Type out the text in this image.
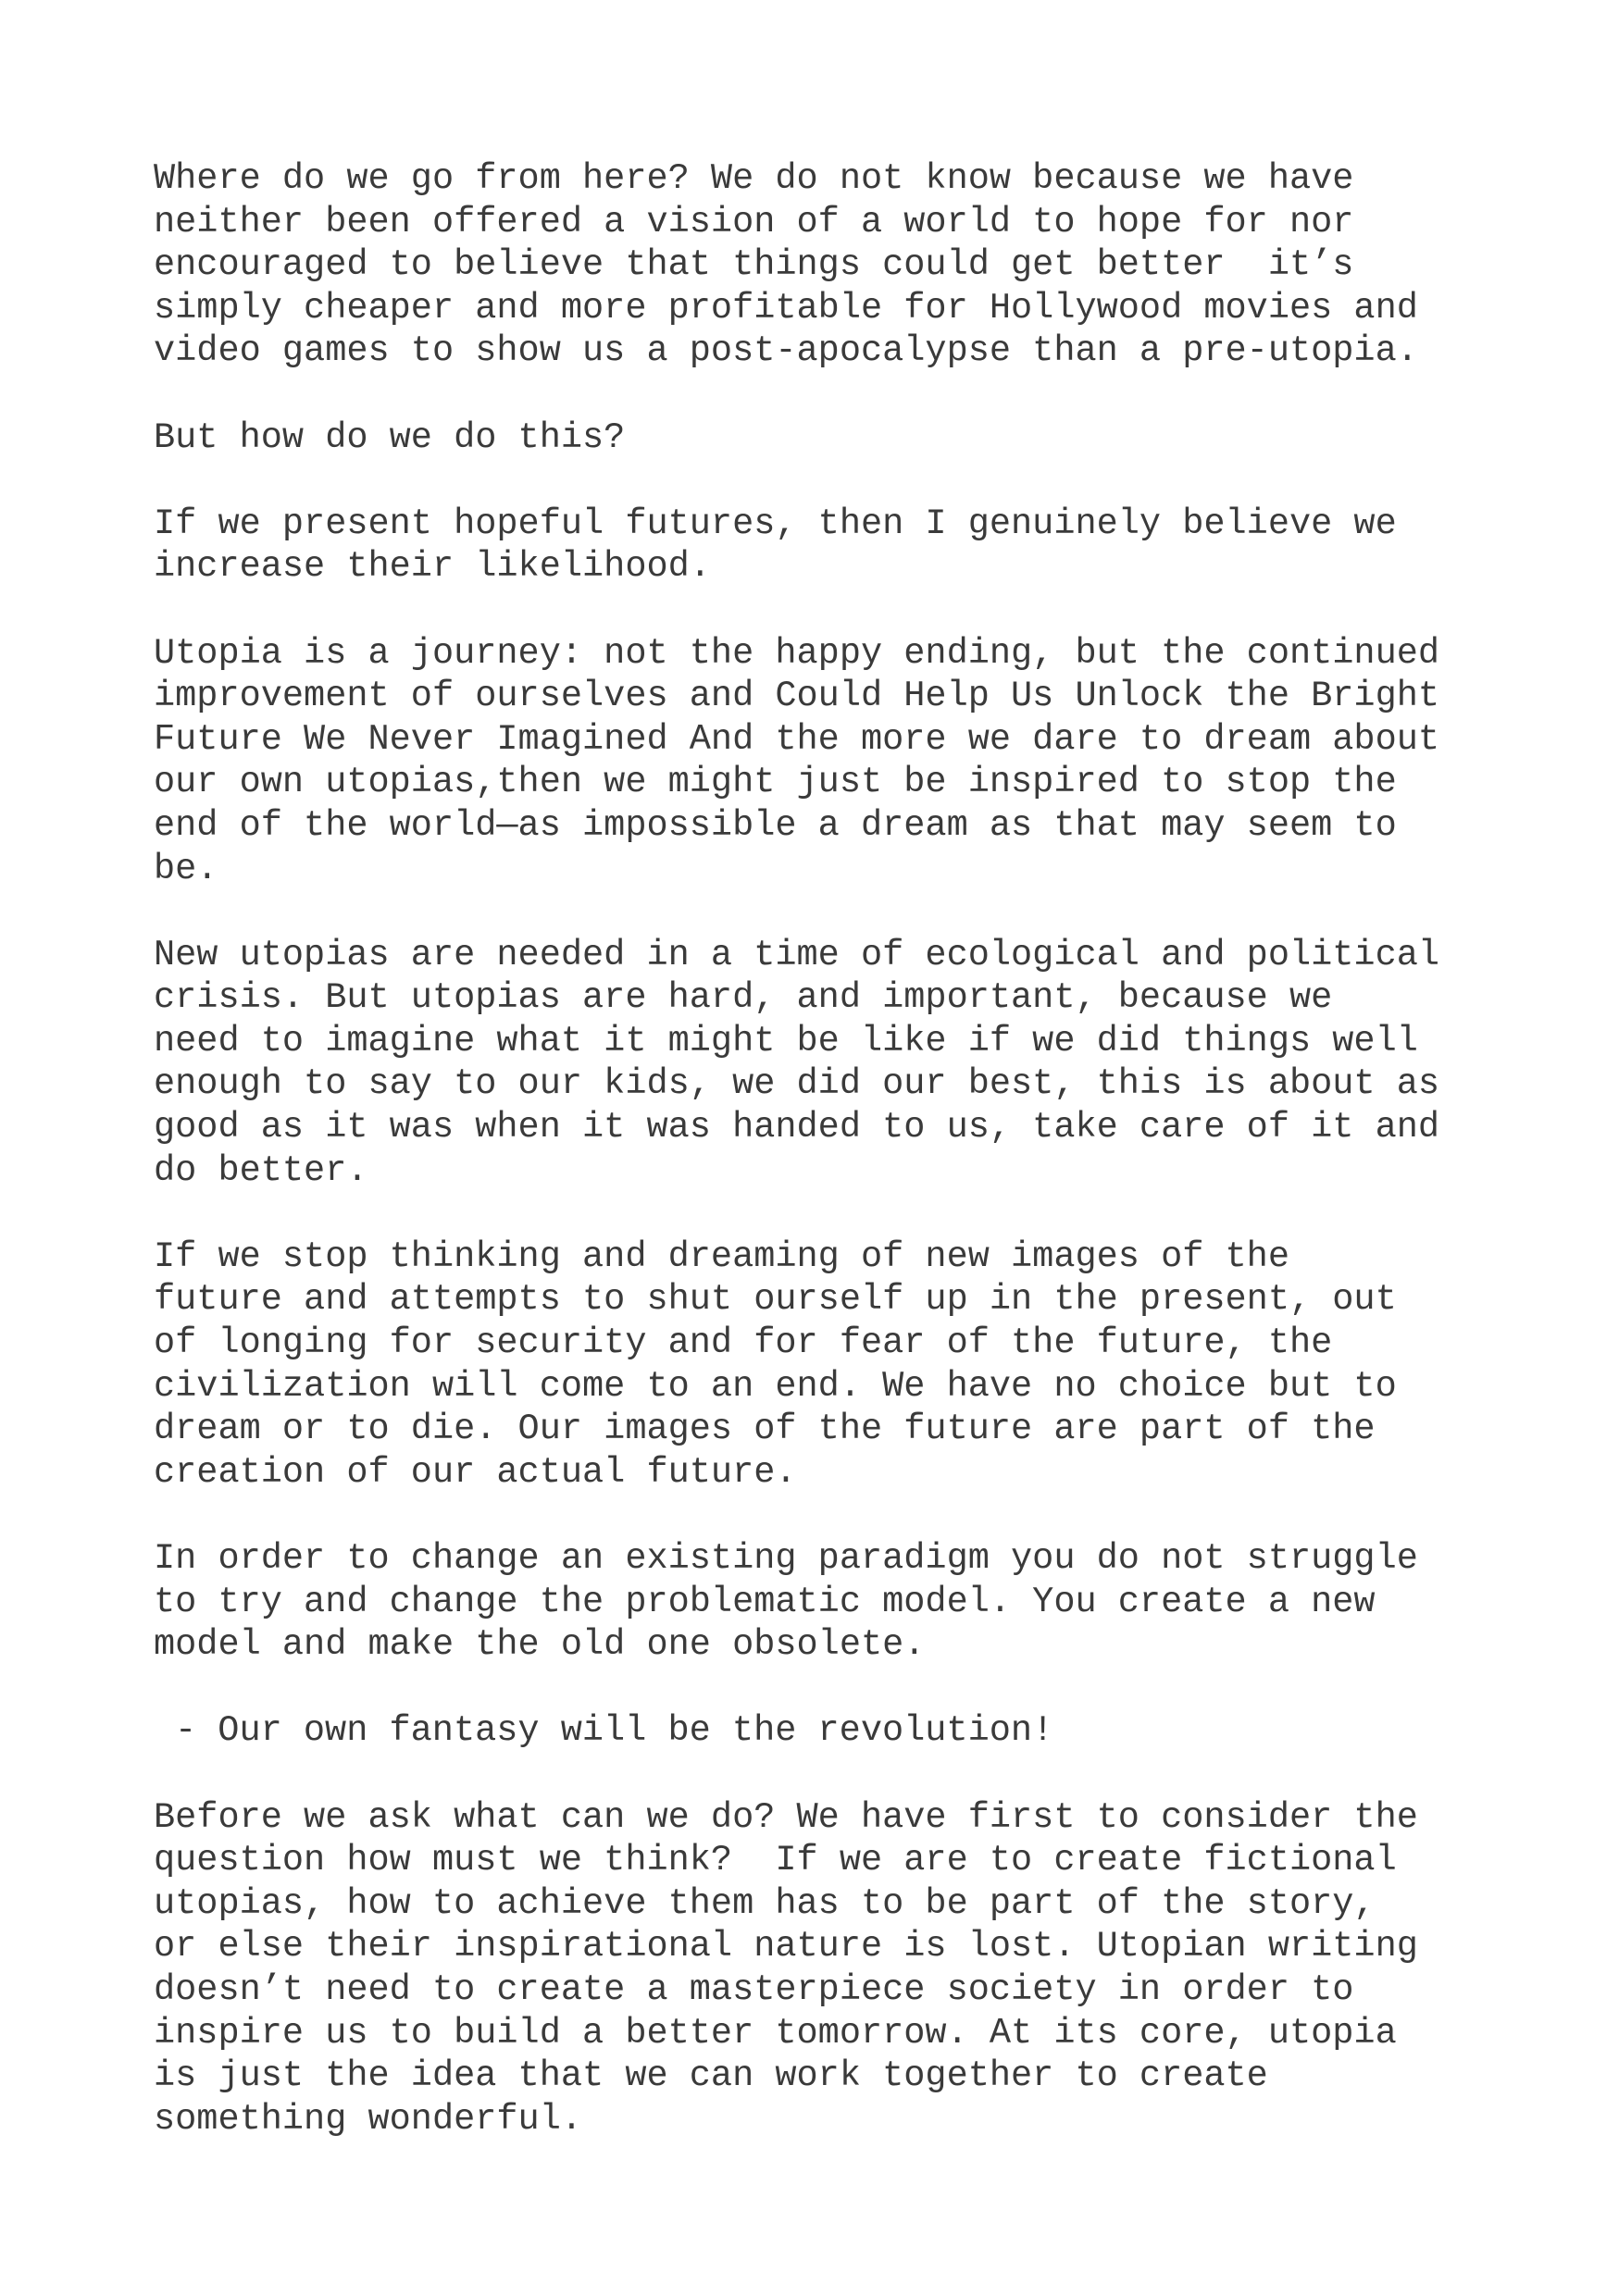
Where do we go from here? We do not know because we have
neither been offered a vision of a world to hope for nor
encouraged to believe that things could get better  it’s
simply cheaper and more profitable for Hollywood movies and
video games to show us a post-apocalypse than a pre-utopia.
But how do we do this?
If we present hopeful futures, then I genuinely believe we
increase their likelihood.
Utopia is a journey: not the happy ending, but the continued
improvement of ourselves and Could Help Us Unlock the Bright
Future We Never Imagined And the more we dare to dream about
our own utopias,then we might just be inspired to stop the
end of the world—as impossible a dream as that may seem to
be.
New utopias are needed in a time of ecological and political
crisis. But utopias are hard, and important, because we
need to imagine what it might be like if we did things well
enough to say to our kids, we did our best, this is about as
good as it was when it was handed to us, take care of it and
do better.
If we stop thinking and dreaming of new images of the
future and attempts to shut ourself up in the present, out
of longing for security and for fear of the future, the
civilization will come to an end. We have no choice but to
dream or to die. Our images of the future are part of the
creation of our actual future.
In order to change an existing paradigm you do not struggle
to try and change the problematic model. You create a new
model and make the old one obsolete.
- Our own fantasy will be the revolution!
Before we ask what can we do? We have first to consider the
question how must we think?  If we are to create fictional
utopias, how to achieve them has to be part of the story,
or else their inspirational nature is lost. Utopian writing
doesn’t need to create a masterpiece society in order to
inspire us to build a better tomorrow. At its core, utopia
is just the idea that we can work together to create
something wonderful.
